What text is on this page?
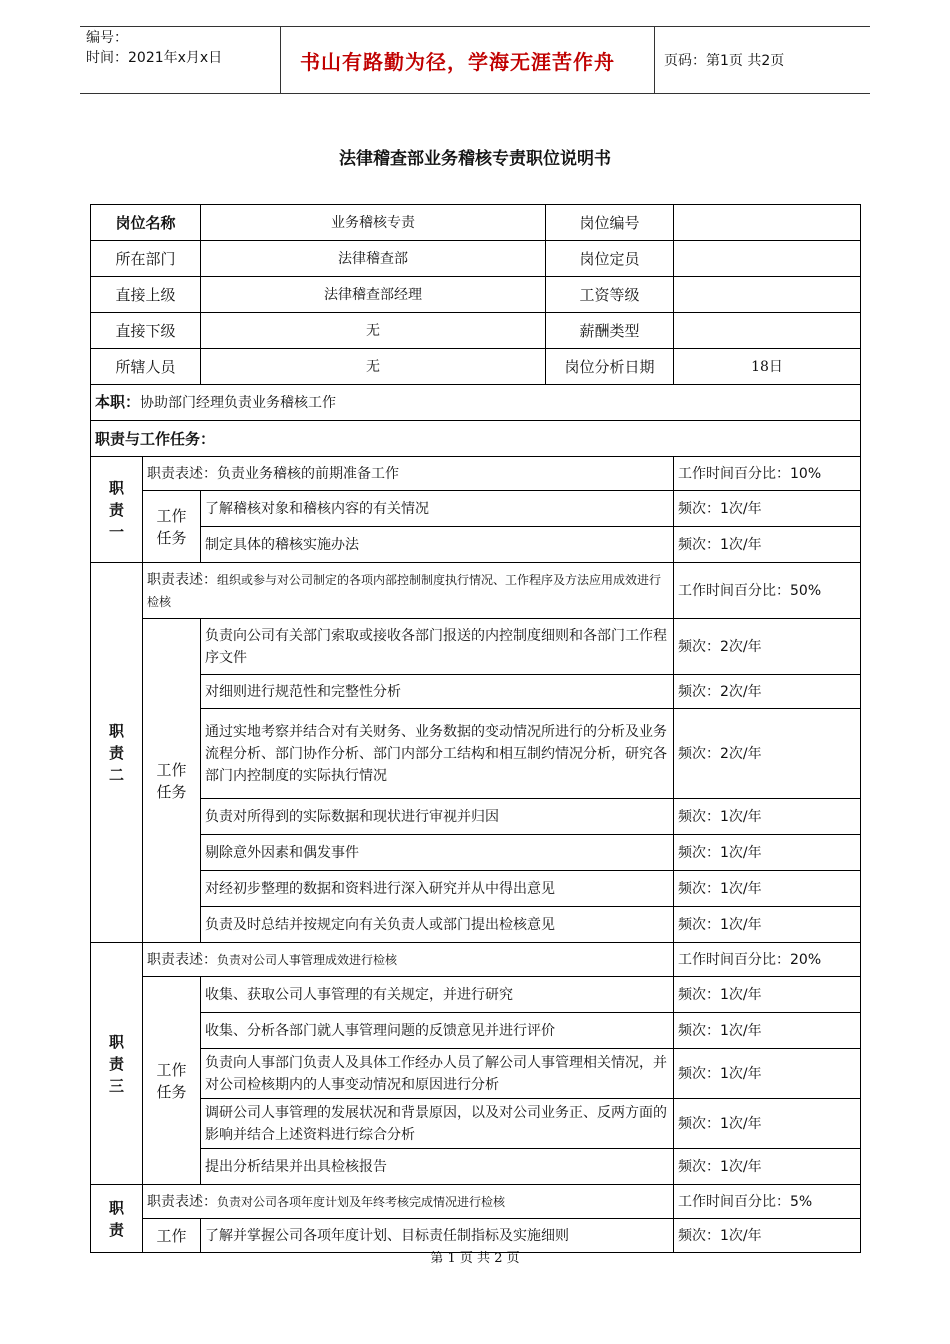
编号：
时间：2021年x月x日	书山有路勤为径，学海无涯苦作舟	页码：第1页 共2页
法律稽查部业务稽核专责职位说明书
岗位名称		业务稽核专责	岗位编号	
所在部门		法律稽查部	岗位定员	
直接上级		法律稽查部经理	工资等级	
直接下级		无	薪酬类型	
所辖人员		无	岗位分析日期	18日
本职：协助部门经理负责业务稽核工作				
职责与工作任务：				
职责一	职责表述：负责业务稽核的前期准备工作			工作时间百分比：10%
	工作任务	了解稽核对象和稽核内容的有关情况		频次：1次/年
		制定具体的稽核实施办法		频次：1次/年
职责二	职责表述：组织或参与对公司制定的各项内部控制制度执行情况、工作程序及方法应用成效进行检核			工作时间百分比：50%
	工作任务	负责向公司有关部门索取或接收各部门报送的内控制度细则和各部门工作程序文件		频次：2次/年
		对细则进行规范性和完整性分析		频次：2次/年
		通过实地考察并结合对有关财务、业务数据的变动情况所进行的分析及业务流程分析、部门协作分析、部门内部分工结构和相互制约情况分析，研究各部门内控制度的实际执行情况		频次：2次/年
		负责对所得到的实际数据和现状进行审视并归因		频次：1次/年
		剔除意外因素和偶发事件		频次：1次/年
		对经初步整理的数据和资料进行深入研究并从中得出意见		频次：1次/年
		负责及时总结并按规定向有关负责人或部门提出检核意见		频次：1次/年
职责三	职责表述：负责对公司人事管理成效进行检核			工作时间百分比：20%
	工作任务	收集、获取公司人事管理的有关规定，并进行研究		频次：1次/年
		收集、分析各部门就人事管理问题的反馈意见并进行评价		频次：1次/年
		负责向人事部门负责人及具体工作经办人员了解公司人事管理相关情况，并对公司检核期内的人事变动情况和原因进行分析		频次：1次/年
		调研公司人事管理的发展状况和背景原因，以及对公司业务正、反两方面的影响并结合上述资料进行综合分析		频次：1次/年
		提出分析结果并出具检核报告		频次：1次/年
职责	职责表述：负责对公司各项年度计划及年终考核完成情况进行检核			工作时间百分比：5%
	工作	了解并掌握公司各项年度计划、目标责任制指标及实施细则		频次：1次/年
第 1 页 共 2 页
